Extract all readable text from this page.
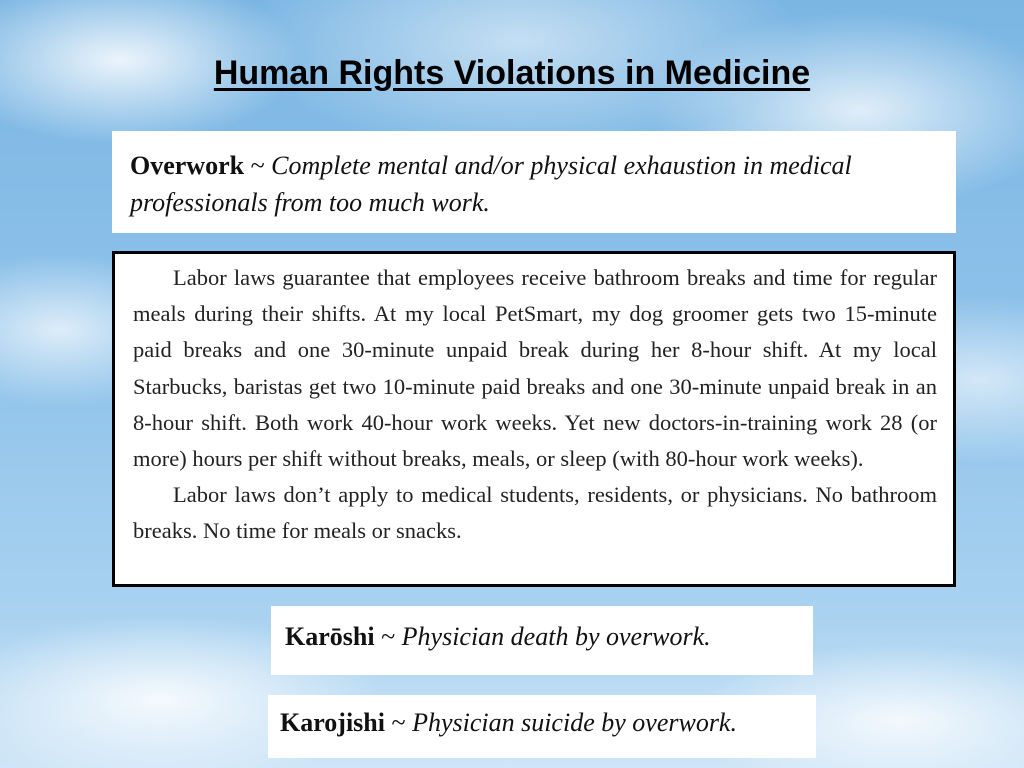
Human Rights Violations in Medicine
Overwork ~ Complete mental and/or physical exhaustion in medical professionals from too much work.

Labor laws guarantee that employees receive bathroom breaks and time for regular meals during their shifts. At my local PetSmart, my dog groomer gets two 15-minute paid breaks and one 30-minute unpaid break during her 8-hour shift. At my local Starbucks, baristas get two 10-minute paid breaks and one 30-minute unpaid break in an 8-hour shift. Both work 40-hour work weeks. Yet new doctors-in-training work 28 (or more) hours per shift without breaks, meals, or sleep (with 80-hour work weeks).

Labor laws don’t apply to medical students, residents, or physicians. No bathroom breaks. No time for meals or snacks.

Karōshi ~ Physician death by overwork.
Karojishi ~ Physician suicide by overwork.
